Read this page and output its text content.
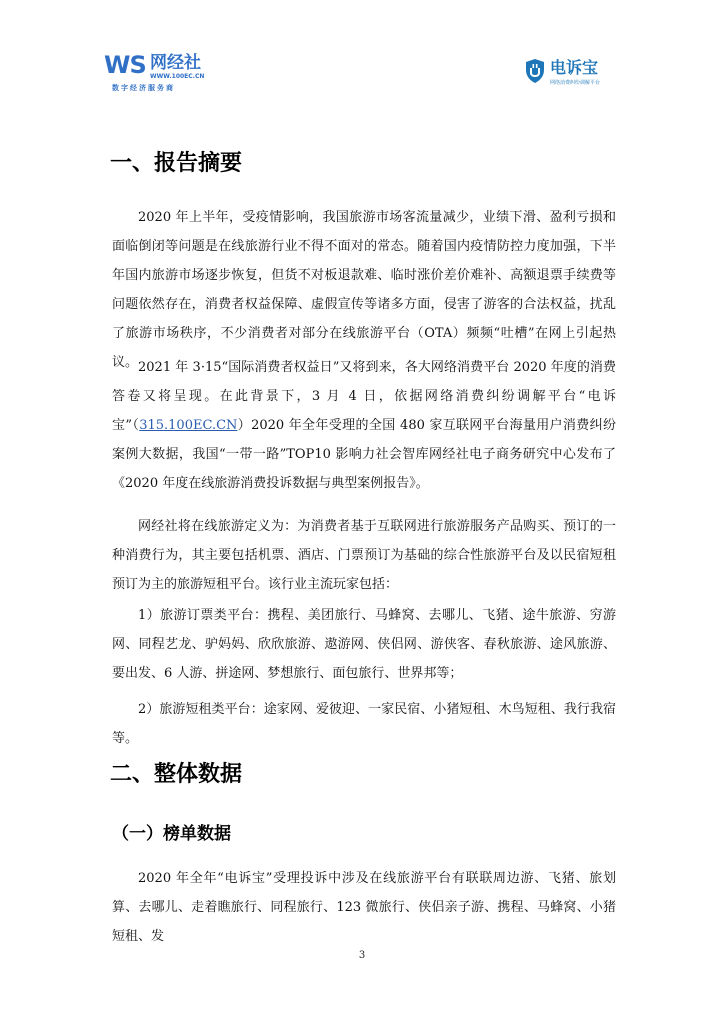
WS 网经社
WWW.100EC.CN
数字经济服务商
电诉宝
网络消费纠纷调解平台
一、报告摘要

2020 年上半年，受疫情影响，我国旅游市场客流量减少，业绩下滑、盈利亏损和面临倒闭等问题是在线旅游行业不得不面对的常态。随着国内疫情防控力度加强，下半年国内旅游市场逐步恢复，但货不对板退款难、临时涨价差价难补、高额退票手续费等问题依然存在，消费者权益保障、虚假宣传等诸多方面，侵害了游客的合法权益，扰乱了旅游市场秩序，不少消费者对部分在线旅游平台（OTA）频频“吐槽”在网上引起热议。 2021 年 3·15“国际消费者权益日”又将到来，各大网络消费平台 2020 年度的消费答卷又将呈现。在此背景下，3 月 4 日，依据网络消费纠纷调解平台“电诉宝”（315.100EC.CN）2020 年全年受理的全国 480 家互联网平台海量用户消费纠纷案例大数据，我国“一带一路”TOP10 影响力社会智库网经社电子商务研究中心发布了《2020 年度在线旅游消费投诉数据与典型案例报告》。

网经社将在线旅游定义为：为消费者基于互联网进行旅游服务产品购买、预订的一种消费行为，其主要包括机票、酒店、门票预订为基础的综合性旅游平台及以民宿短租预订为主的旅游短租平台。该行业主流玩家包括：

1）旅游订票类平台：携程、美团旅行、马蜂窝、去哪儿、飞猪、途牛旅游、穷游网、同程艺龙、驴妈妈、欣欣旅游、遨游网、侠侣网、游侠客、春秋旅游、途风旅游、要出发、6 人游、拼途网、梦想旅行、面包旅行、世界邦等；

2）旅游短租类平台：途家网、爱彼迎、一家民宿、小猪短租、木鸟短租、我行我宿等。

二、整体数据
（一）榜单数据

2020 年全年“电诉宝”受理投诉中涉及在线旅游平台有联联周边游、飞猪、旅划算、去哪儿、走着瞧旅行、同程旅行、123 微旅行、侠侣亲子游、携程、马蜂窝、小猪短租、发

3
